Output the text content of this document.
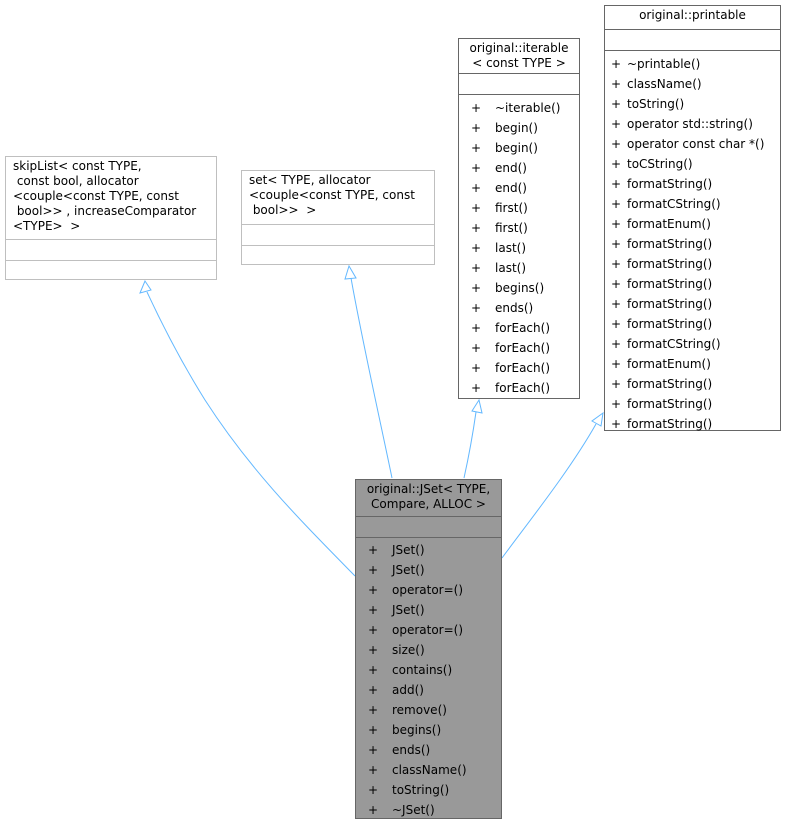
skipList< const TYPE,
const bool, allocator
<couple<const TYPE, const
bool>> , increaseComparator
<TYPE>  >
set< TYPE, allocator
<couple<const TYPE, const
bool>>  >
original::iterable
< const TYPE >
+ ~iterable()
+ begin()
+ begin()
+ end()
+ end()
+ first()
+ first()
+ last()
+ last()
+ begins()
+ ends()
+ forEach()
+ forEach()
+ forEach()
+ forEach()
original::printable
+ ~printable()
+ className()
+ toString()
+ operator std::string()
+ operator const char *()
+ toCString()
+ formatString()
+ formatCString()
+ formatEnum()
+ formatString()
+ formatString()
+ formatString()
+ formatString()
+ formatString()
+ formatCString()
+ formatEnum()
+ formatString()
+ formatString()
+ formatString()
original::JSet< TYPE,
Compare, ALLOC >
+ JSet()
+ JSet()
+ operator=()
+ JSet()
+ operator=()
+ size()
+ contains()
+ add()
+ remove()
+ begins()
+ ends()
+ className()
+ toString()
+ ~JSet()
